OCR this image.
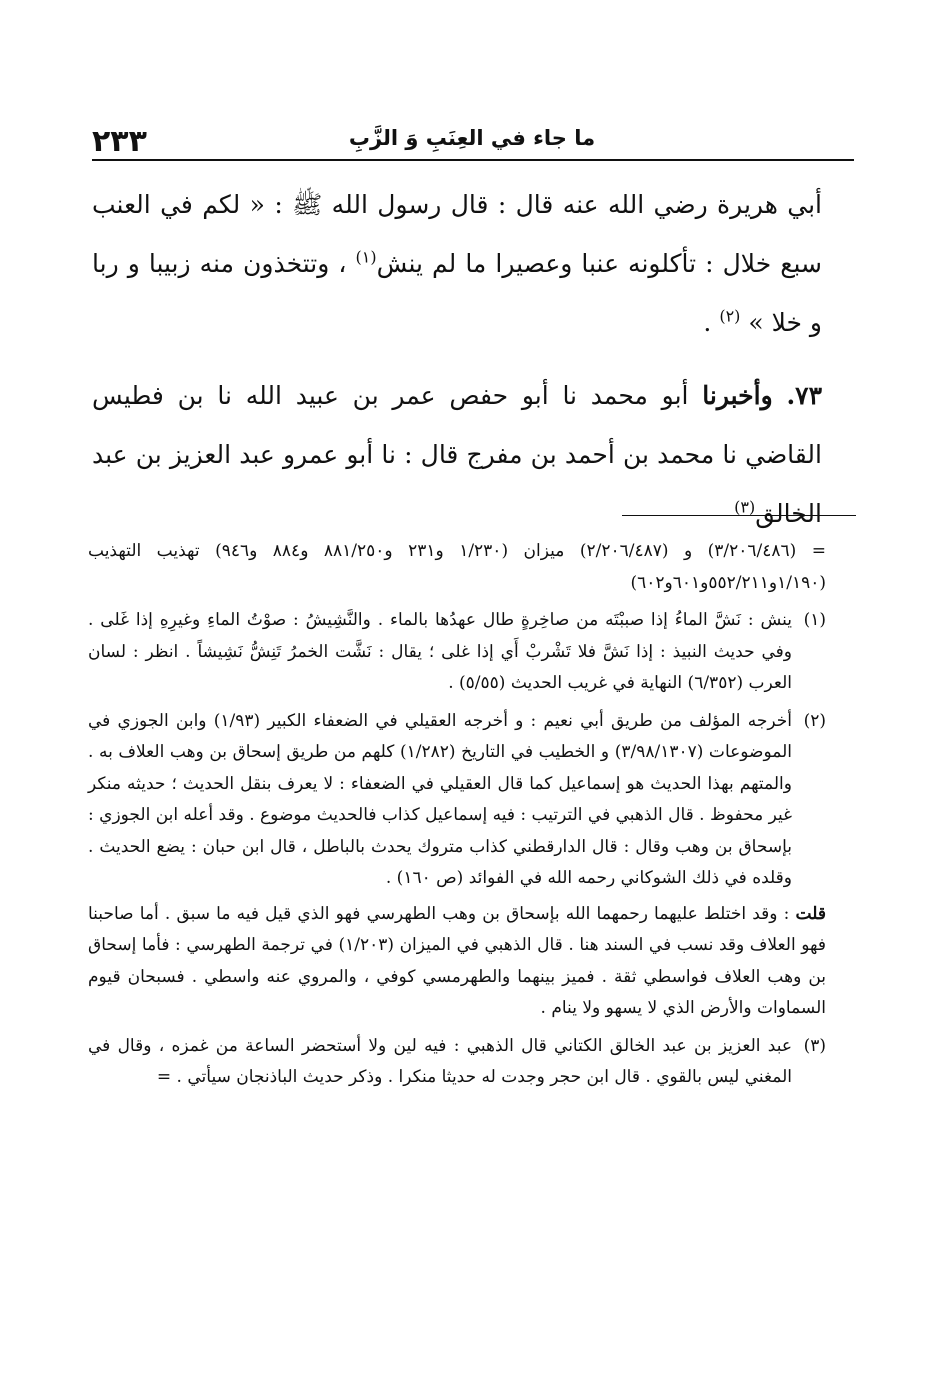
٢٣٣	ما جاء في العِنَبِ وَ الزَّبِ

أبي هريرة رضي الله عنه قال : قال رسول الله ﷺ : « لكم في العنب سبع خلال : تأكلونه عنبا وعصيرا ما لم ينش$^{(١)}$ ، وتتخذون منه زبيبا و ربا و خلا » $^{(٢)}$ .

٧٣. وأخبرنا أبو محمد نا أبو حفص عمر بن عبيد الله نا بن فطيس القاضي نا محمد بن أحمد بن مفرج قال : نا أبو عمرو عبد العزيز بن عبد الخالق$^{(٣)}$

= (٣/٢٠٦/٤٨٦) و (٢/٢٠٦/٤٨٧) ميزان (١/٢٣٠ و٢٣١ و٨٨١/٢٥٠ و٨٨٤ و٩٤٦) تهذيب التهذيب (١/١٩٠و٥٥٢/٢١١و٦٠١و٦٠٢)

(١)
ينش : نَشَّ الماءُ إذا صببْتَه من صاخِرةٍ طال عهدُها بالماء . والنَّشِيشُ : صوْتُ الماءِ وغيرِهِ إذا غَلى . وفي حديث النبيذ : إذا نَشَّ فلا تَشْربْ أَي إذا غلى ؛ يقال : نَشَّت الخمرُ تَنِشُّ نَشِيشاً . انظر : لسان العرب (٦/٣٥٢) النهاية في غريب الحديث (٥/٥٥) .

(٢)
أخرجه المؤلف من طريق أبي نعيم : و أخرجه العقيلي في الضعفاء الكبير (١/٩٣) وابن الجوزي في الموضوعات (٣/٩٨/١٣٠٧) و الخطيب في التاريخ (١/٢٨٢) كلهم من طريق إسحاق بن وهب العلاف به . والمتهم بهذا الحديث هو إسماعيل كما قال العقيلي في الضعفاء : لا يعرف بنقل الحديث ؛ حديثه منكر غير محفوظ . قال الذهبي في الترتيب : فيه إسماعيل كذاب فالحديث موضوع . وقد أعله ابن الجوزي : بإسحاق بن وهب وقال : قال الدارقطني كذاب متروك يحدث بالباطل ، قال ابن حبان : يضع الحديث . وقلده في ذلك الشوكاني رحمه الله في الفوائد (ص ١٦٠) .

قلت : وقد اختلط عليهما رحمهما الله بإسحاق بن وهب الطهرسي فهو الذي قيل فيه ما سبق . أما صاحبنا فهو العلاف وقد نسب في السند هنا . قال الذهبي في الميزان (١/٢٠٣) في ترجمة الطهرسي : فأما إسحاق بن وهب العلاف فواسطي ثقة . فميز بينهما والطهرمسي كوفي ، والمروي عنه واسطي . فسبحان قيوم السماوات والأرض الذي لا يسهو ولا ينام .

(٣)
عبد العزيز بن عبد الخالق الكتاني قال الذهبي : فيه لين ولا أستحضر الساعة من غمزه ، وقال في المغني ليس بالقوي . قال ابن حجر وجدت له حديثا منكرا . وذكر حديث الباذنجان سيأتي . =
